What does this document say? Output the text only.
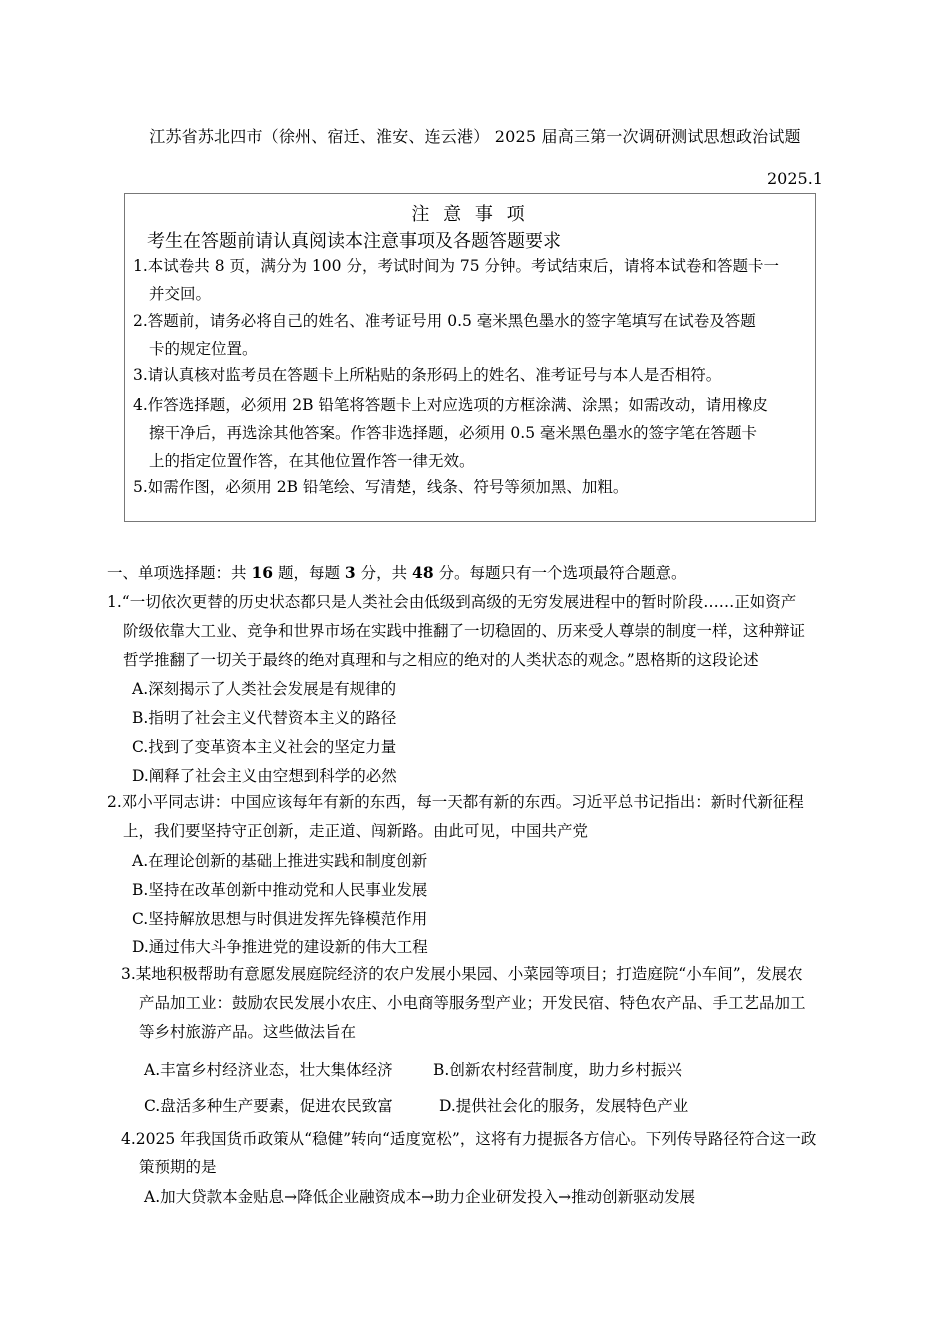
江苏省苏北四市（徐州、宿迁、淮安、连云港） 2025 届高三第一次调研测试思想政治试题
2025.1
注 意 事 项
考生在答题前请认真阅读本注意事项及各题答题要求
1.本试卷共 8 页，满分为 100 分，考试时间为 75 分钟。考试结束后，请将本试卷和答题卡一
并交回。
2.答题前，请务必将自己的姓名、准考证号用 0.5 毫米黑色墨水的签字笔填写在试卷及答题
卡的规定位置。
3.请认真核对监考员在答题卡上所粘贴的条形码上的姓名、准考证号与本人是否相符。
4.作答选择题，必须用 2B 铅笔将答题卡上对应选项的方框涂满、涂黑；如需改动，请用橡皮
擦干净后，再选涂其他答案。作答非选择题，必须用 0.5 毫米黑色墨水的签字笔在答题卡
上的指定位置作答，在其他位置作答一律无效。
5.如需作图，必须用 2B 铅笔绘、写清楚，线条、符号等须加黑、加粗。
一、单项选择题：共 16 题，每题 3 分，共 48 分。每题只有一个选项最符合题意。
1.“一切依次更替的历史状态都只是人类社会由低级到高级的无穷发展进程中的暂时阶段……正如资产
阶级依靠大工业、竞争和世界市场在实践中推翻了一切稳固的、历来受人尊崇的制度一样，这种辩证
哲学推翻了一切关于最终的绝对真理和与之相应的绝对的人类状态的观念。”恩格斯的这段论述
A.深刻揭示了人类社会发展是有规律的
B.指明了社会主义代替资本主义的路径
C.找到了变革资本主义社会的坚定力量
D.阐释了社会主义由空想到科学的必然
2.邓小平同志讲：中国应该每年有新的东西，每一天都有新的东西。习近平总书记指出：新时代新征程
上，我们要坚持守正创新，走正道、闯新路。由此可见，中国共产党
A.在理论创新的基础上推进实践和制度创新
B.坚持在改革创新中推动党和人民事业发展
C.坚持解放思想与时俱进发挥先锋模范作用
D.通过伟大斗争推进党的建设新的伟大工程
3.某地积极帮助有意愿发展庭院经济的农户发展小果园、小菜园等项目；打造庭院“小车间”，发展农
产品加工业：鼓励农民发展小农庄、小电商等服务型产业；开发民宿、特色农产品、手工艺品加工
等乡村旅游产品。这些做法旨在
A.丰富乡村经济业态，壮大集体经济	B.创新农村经营制度，助力乡村振兴
C.盘活多种生产要素，促进农民致富	D.提供社会化的服务，发展特色产业
4.2025 年我国货币政策从“稳健”转向“适度宽松”，这将有力提振各方信心。下列传导路径符合这一政
策预期的是
A.加大贷款本金贴息→降低企业融资成本→助力企业研发投入→推动创新驱动发展
